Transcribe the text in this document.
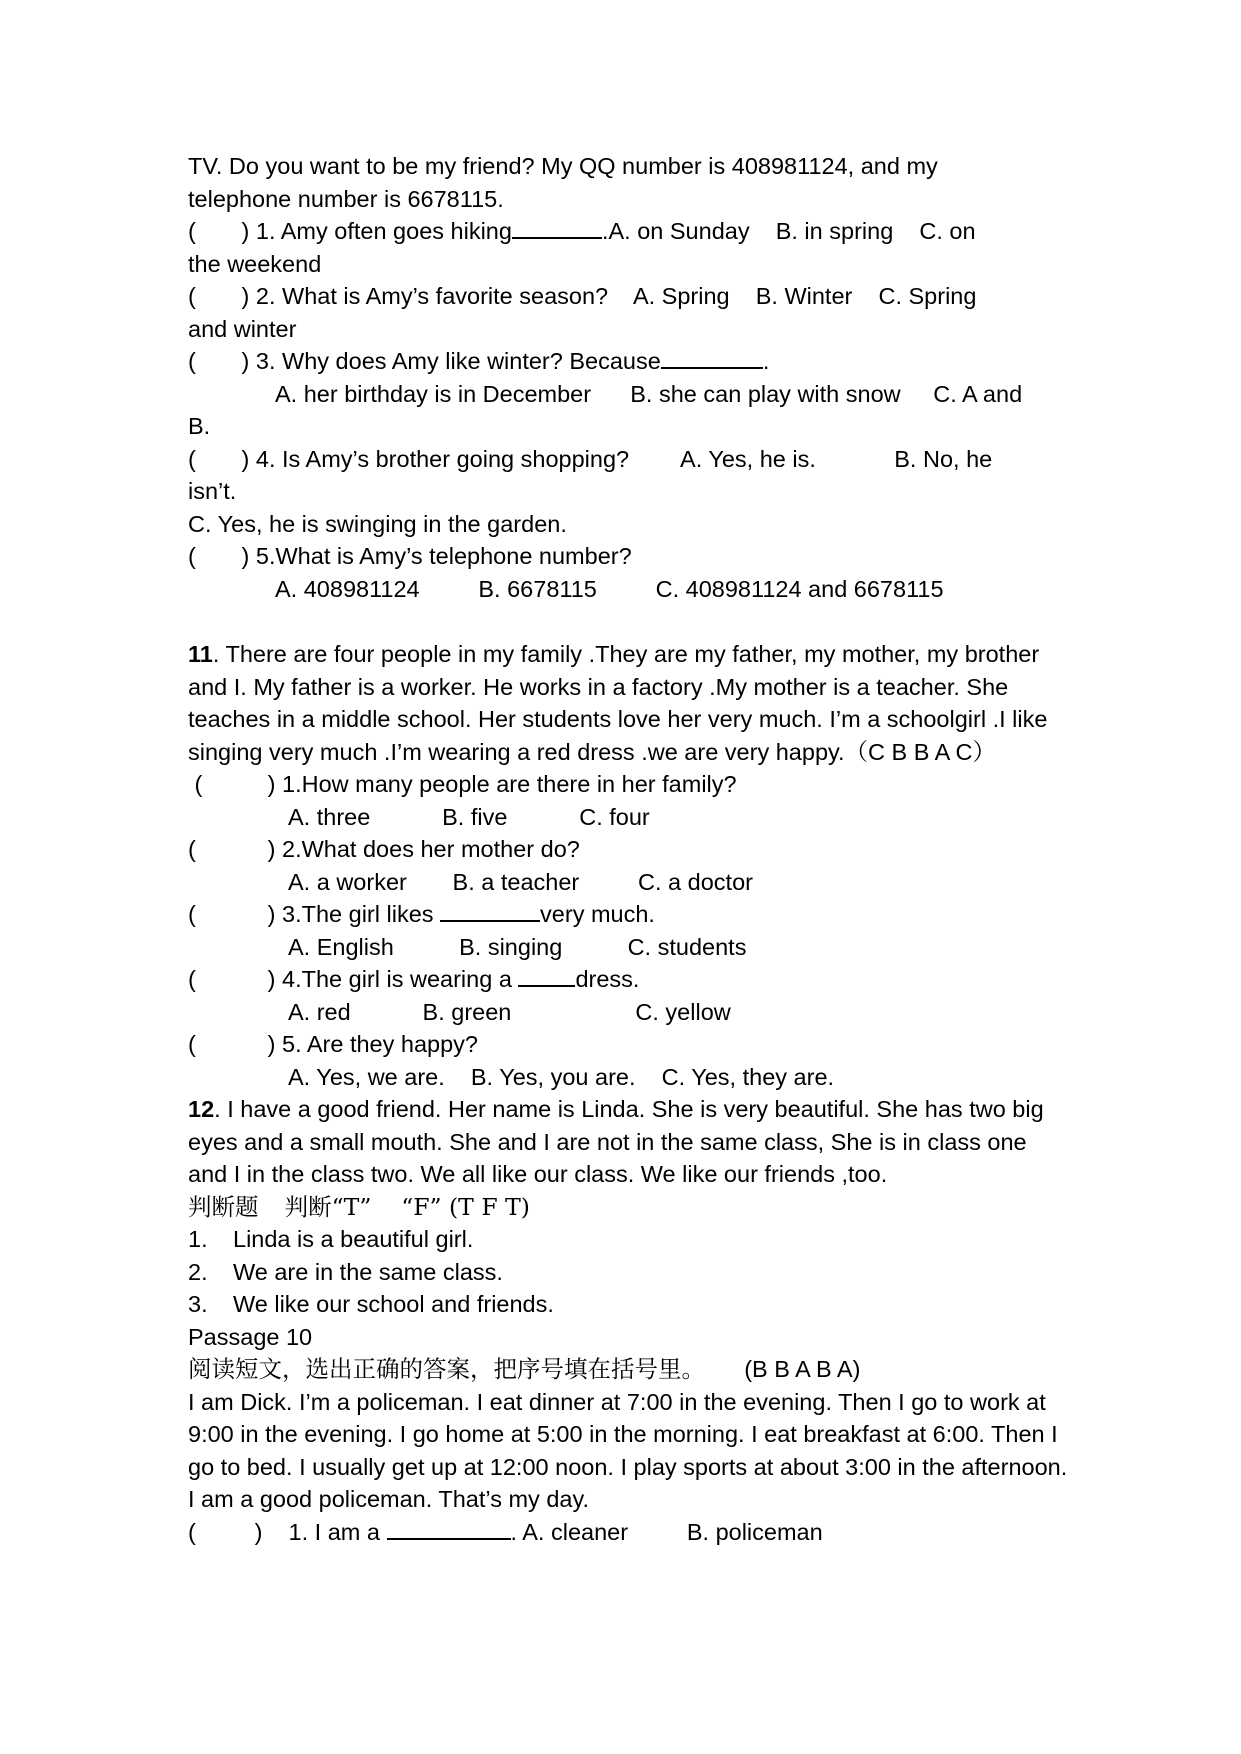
TV. Do you want to be my friend? My QQ number is 408981124, and my
telephone number is 6678115.
( ) 1. Amy often goes hiking	.A. on Sunday    B. in spring    C. on
the weekend
( ) 2. What is Amy’s favorite season?    A. Spring    B. Winter    C. Spring
and winter
( ) 3. Why does Amy like winter? Because	.
A. her birthday is in December      B. she can play with snow     C. A and
B.
( ) 4. Is Amy’s brother going shopping?        A. Yes, he is.            B. No, he
isn’t.
C. Yes, he is swinging in the garden.
( ) 5.What is Amy’s telephone number?
A. 408981124         B. 6678115         C. 408981124 and 6678115
11. There are four people in my family .They are my father, my mother, my brother and I. My father is a worker. He works in a factory .My mother is a teacher. She teaches in a middle school. Her students love her very much. I’m a schoolgirl .I like singing very much .I’m wearing a red dress .we are very happy.（C B B A C）
(	) 1.How many people are there in her family?
A. three           B. five           C. four
(	) 2.What does her mother do?
A. a worker       B. a teacher         C. a doctor
(	) 3.The girl likes	very much.
A. English          B. singing          C. students
(	) 4.The girl is wearing a dress.
A. red           B. green                   C. yellow
(	) 5. Are they happy?
A. Yes, we are.    B. Yes, you are.    C. Yes, they are.
12. I have a good friend. Her name is Linda. She is very beautiful. She has two big eyes and a small mouth. She and I are not in the same class, She is in class one and I in the class two. We all like our class. We like our friends ,too.
判断题 判断“T”    “F” (T F T)
1. Linda is a beautiful girl.
2. We are in the same class.
3. We like our school and friends.
Passage 10
阅读短文，选出正确的答案，把序号填在括号里。 (B B A B A)
I am Dick. I’m a policeman. I eat dinner at 7:00 in the evening. Then I go to work at 9:00 in the evening. I go home at 5:00 in the morning. I eat breakfast at 6:00. Then I go to bed. I usually get up at 12:00 noon. I play sports at about 3:00 in the afternoon. I am a good policeman. That’s my day.
(	)    1. I am a	. A. cleaner         B. policeman
